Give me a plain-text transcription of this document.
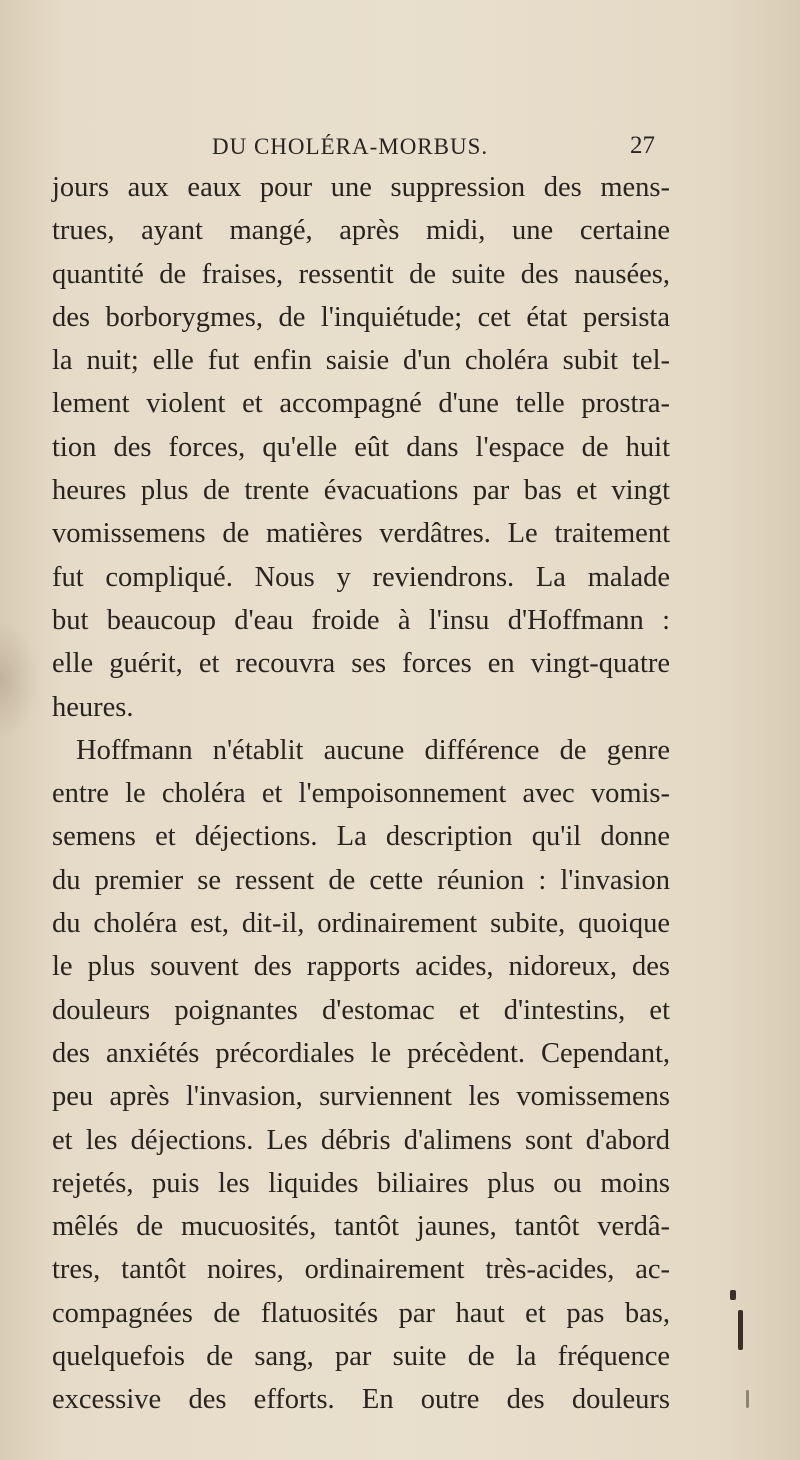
DU CHOLÉRA-MORBUS.	27
jours aux eaux pour une suppression des mens-
trues, ayant mangé, après midi, une certaine
quantité de fraises, ressentit de suite des nausées,
des borborygmes, de l'inquiétude; cet état persista
la nuit; elle fut enfin saisie d'un choléra subit tel-
lement violent et accompagné d'une telle prostra-
tion des forces, qu'elle eût dans l'espace de huit
heures plus de trente évacuations par bas et vingt
vomissemens de matières verdâtres. Le traitement
fut compliqué. Nous y reviendrons. La malade
but beaucoup d'eau froide à l'insu d'Hoffmann :
elle guérit, et recouvra ses forces en vingt-quatre
heures.
Hoffmann n'établit aucune différence de genre
entre le choléra et l'empoisonnement avec vomis-
semens et déjections. La description qu'il donne
du premier se ressent de cette réunion : l'invasion
du choléra est, dit-il, ordinairement subite, quoique
le plus souvent des rapports acides, nidoreux, des
douleurs poignantes d'estomac et d'intestins, et
des anxiétés précordiales le précèdent. Cependant,
peu après l'invasion, surviennent les vomissemens
et les déjections. Les débris d'alimens sont d'abord
rejetés, puis les liquides biliaires plus ou moins
mêlés de mucuosités, tantôt jaunes, tantôt verdâ-
tres, tantôt noires, ordinairement très-acides, ac-
compagnées de flatuosités par haut et pas bas,
quelquefois de sang, par suite de la fréquence
excessive des efforts. En outre des douleurs
